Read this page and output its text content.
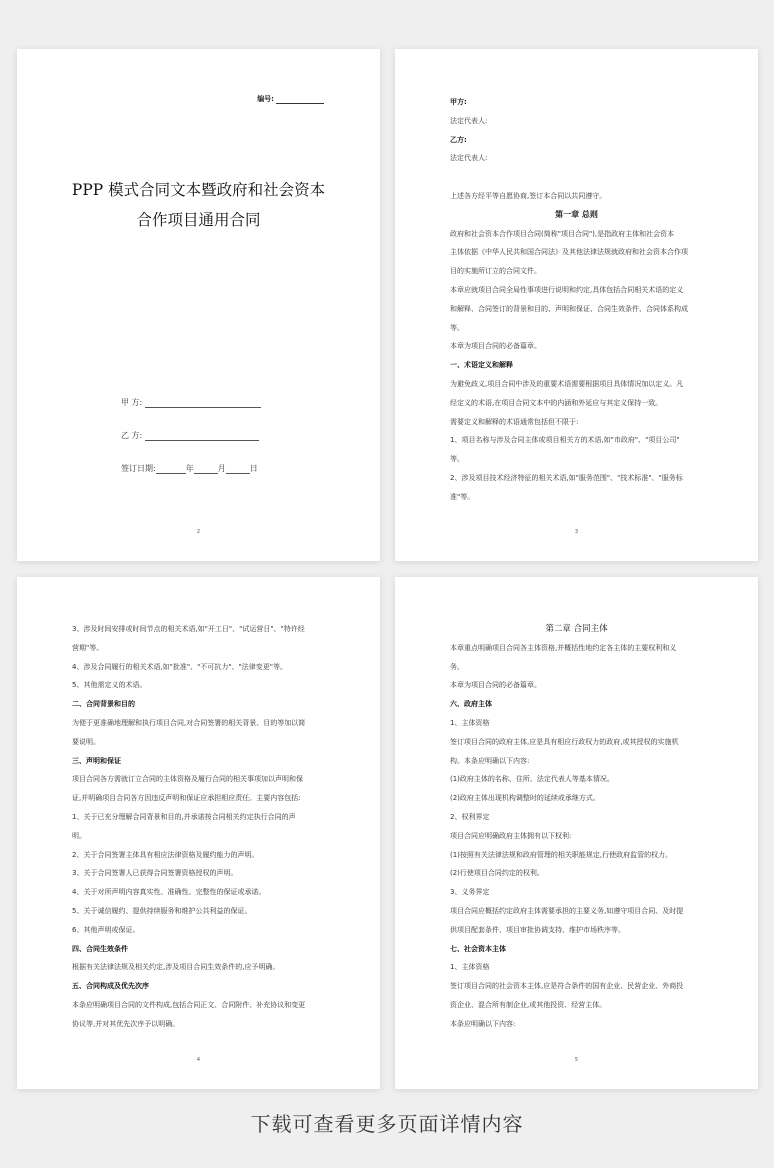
编号:
PPP 模式合同文本暨政府和社会资本
合作项目通用合同
甲 方:
乙 方:
签订日期:	年	月	日
2

甲方:

法定代表人:

乙方:

法定代表人:

上述各方经平等自愿协商,签订本合同以共同遵守。

第一章 总则

政府和社会资本合作项目合同(简称"项目合同"),是指政府主体和社会资本

主体依据《中华人民共和国合同法》及其他法律法规就政府和社会资本合作项

目的实施所订立的合同文件。

本章应就项目合同全局性事项进行说明和约定,具体包括合同相关术语的定义

和解释、合同签订的背景和目的、声明和保证、合同生效条件、合同体系构成

等。

本章为项目合同的必备篇章。

一、术语定义和解释

为避免歧义,项目合同中涉及的重要术语需要根据项目具体情况加以定义。凡

经定义的术语,在项目合同文本中的内涵和外延应与其定义保持一致。

需要定义和解释的术语通常包括但不限于:

1、项目名称与涉及合同主体或项目相关方的术语,如"市政府"、"项目公司"

等。

2、涉及项目技术经济特征的相关术语,如"服务范围"、"技术标准"、"服务标

准"等。

3

3、涉及时间安排或时间节点的相关术语,如"开工日"、"试运营日"、"特许经

营期"等。

4、涉及合同履行的相关术语,如"批准"、"不可抗力"、"法律变更"等。

5、其他需定义的术语。

二、合同背景和目的

为便于更准确地理解和执行项目合同,对合同签署的相关背景、目的等加以简

要说明。

三、声明和保证

项目合同各方需就订立合同的主体资格及履行合同的相关事项加以声明和保

证,并明确项目合同各方因违反声明和保证应承担相应责任。主要内容包括:

1、关于已充分理解合同背景和目的,并承诺按合同相关约定执行合同的声

明。

2、关于合同签署主体具有相应法律资格及履约能力的声明。

3、关于合同签署人已获得合同签署资格授权的声明。

4、关于对所声明内容真实性、准确性、完整性的保证或承诺。

5、关于诚信履约、提供持续服务和维护公共利益的保证。

6、其他声明或保证。

四、合同生效条件

根据有关法律法规及相关约定,涉及项目合同生效条件的,应予明确。

五、合同构成及优先次序

本条应明确项目合同的文件构成,包括合同正文、合同附件、补充协议和变更

协议等,并对其优先次序予以明确。

4

第二章 合同主体

本章重点明确项目合同各主体资格,并概括性地约定各主体的主要权利和义

务。

本章为项目合同的必备篇章。

六、政府主体

1、主体资格

签订项目合同的政府主体,应是具有相应行政权力的政府,或其授权的实施机

构。本条应明确以下内容:

(1)政府主体的名称、住所、法定代表人等基本情况。

(2)政府主体出现机构调整时的延续或承继方式。

2、权利界定

项目合同应明确政府主体拥有以下权利:

(1)按照有关法律法规和政府管理的相关职能规定,行使政府监管的权力。

(2)行使项目合同约定的权利。

3、义务界定

项目合同应概括约定政府主体需要承担的主要义务,如遵守项目合同、及时提

供项目配套条件、项目审批协调支持、维护市场秩序等。

七、社会资本主体

1、主体资格

签订项目合同的社会资本主体,应是符合条件的国有企业、民营企业、外商投

资企业、混合所有制企业,或其他投资、经营主体。

本条应明确以下内容:

5
下载可查看更多页面详情内容
